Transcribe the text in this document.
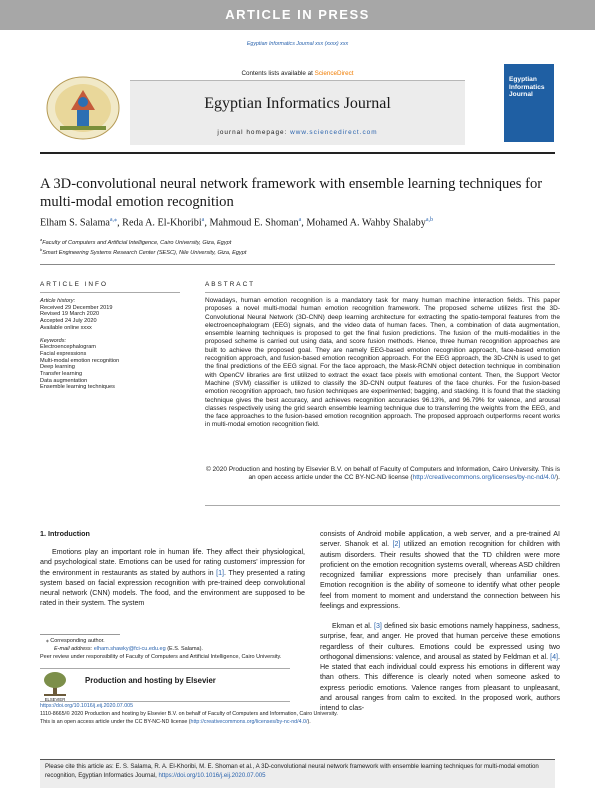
ARTICLE IN PRESS
Egyptian Informatics Journal xxx (xxxx) xxx
Contents lists available at ScienceDirect
Egyptian Informatics Journal
journal homepage: www.sciencedirect.com
Egyptian Informatics Journal
A 3D-convolutional neural network framework with ensemble learning techniques for multi-modal emotion recognition
Elham S. Salama$^{a,⁎}$, Reda A. El-Khoribi$^a$, Mahmoud E. Shoman$^a$, Mohamed A. Wahby Shalaby$^{a,b}$
$^a$Faculty of Computers and Artificial Intelligence, Cairo University, Giza, Egypt
$^b$Smart Engineering Systems Research Center (SESC), Nile University, Giza, Egypt
ARTICLE INFO	ABSTRACT
Article history:
Received 29 December 2019
Revised 19 March 2020
Accepted 24 July 2020
Available online xxxx
Keywords:
Electroencephalogram
Facial expressions
Multi-modal emotion recognition
Deep learning
Transfer learning
Data augmentation
Ensemble learning techniques
Nowadays, human emotion recognition is a mandatory task for many human machine interaction fields. This paper proposes a novel multi-modal human emotion recognition framework. The proposed scheme utilizes first the 3D-Convolutional Neural Network (3D-CNN) deep learning architecture for extracting the spatio-temporal features from the electroencephalogram (EEG) signals, and the video data of human faces. Then, a combination of data augmentation, ensemble learning techniques is proposed to get the final fusion predictions. The fusion of the multi-modalities in the proposed scheme is carried out using data, and score fusion methods. Hence, three human recognition approaches are built to achieve the proposed goal. They are namely EEG-based emotion recognition approach, face-based emotion recognition approach, and fusion-based emotion recognition approach. For the EEG approach, the 3D-CNN is used to get the final predictions of the EEG signal. For the face approach, the Mask-RCNN object detection technique in combination with OpenCV libraries are first utilized to extract the exact face pixels with emotional content. Then, the Support Vector Machine (SVM) classifier is utilized to classify the 3D-CNN output features of the face chunks. For the fusion-based emotion recognition approach, two fusion techniques are experimented; bagging, and stacking. It is found that the stacking technique gives the best accuracy, and achieves recognition accuracies 96.13%, and 96.79% for valence, and arousal classes respectively using the grid search ensemble learning technique due to transferring the weights from the EEG, and the face approaches to the fusion-based emotion recognition approach. The proposed approach outperforms recent works in multi-modal emotion recognition field.
© 2020 Production and hosting by Elsevier B.V. on behalf of Faculty of Computers and Information, Cairo University. This is an open access article under the CC BY-NC-ND license (http://creativecommons.org/licenses/by-nc-nd/4.0/).
1. Introduction
Emotions play an important role in human life. They affect their physiological, and psychological state. Emotions can be used for rating customers' impression for the environment in restaurants as stated by authors in [1]. They presented a rating system based on facial expression recognition with pre-trained deep convolutional neural network (CNN) models. The food, and the environment are supposed to be rated in their system. The system
consists of Android mobile application, a web server, and a pre-trained AI server. Shanok et al. [2] utilized an emotion recognition for children with autism disorders. Their results showed that the TD children were more proficient on the emotion recognition systems overall, whereas ASD children recognized familiar expressions more precisely than unfamiliar ones. Emotion recognition is the ability of someone to identify what other people feel from moment to moment and understand the connection between his feelings and expressions.
Ekman et al. [3] defined six basic emotions namely happiness, sadness, surprise, fear, and anger. He proved that human perceive these emotions regardless of their cultures. Emotions could be expressed using two orthogonal dimensions: valence, and arousal as stated by Feldman et al. [4]. He stated that each individual could express his emotions in different way than others. This difference is clearly noted when someone asked to express periodic emotions. Valence ranges from pleasant to unpleasant, and arousal ranges from calm to excited. In the proposed work, authors intend to clas-
⁎ Corresponding author.
E-mail address: elham.shawky@fci-cu.edu.eg (E.S. Salama).
Peer review under responsibility of Faculty of Computers and Artificial Intelligence, Cairo University.
ELSEVIER
Production and hosting by Elsevier
https://doi.org/10.1016/j.eij.2020.07.005
1110-8665/© 2020 Production and hosting by Elsevier B.V. on behalf of Faculty of Computers and Information, Cairo University.
This is an open access article under the CC BY-NC-ND license (http://creativecommons.org/licenses/by-nc-nd/4.0/).
Please cite this article as: E. S. Salama, R. A. El-Khoribi, M. E. Shoman et al., A 3D-convolutional neural network framework with ensemble learning techniques for multi-modal emotion recognition, Egyptian Informatics Journal, https://doi.org/10.1016/j.eij.2020.07.005
